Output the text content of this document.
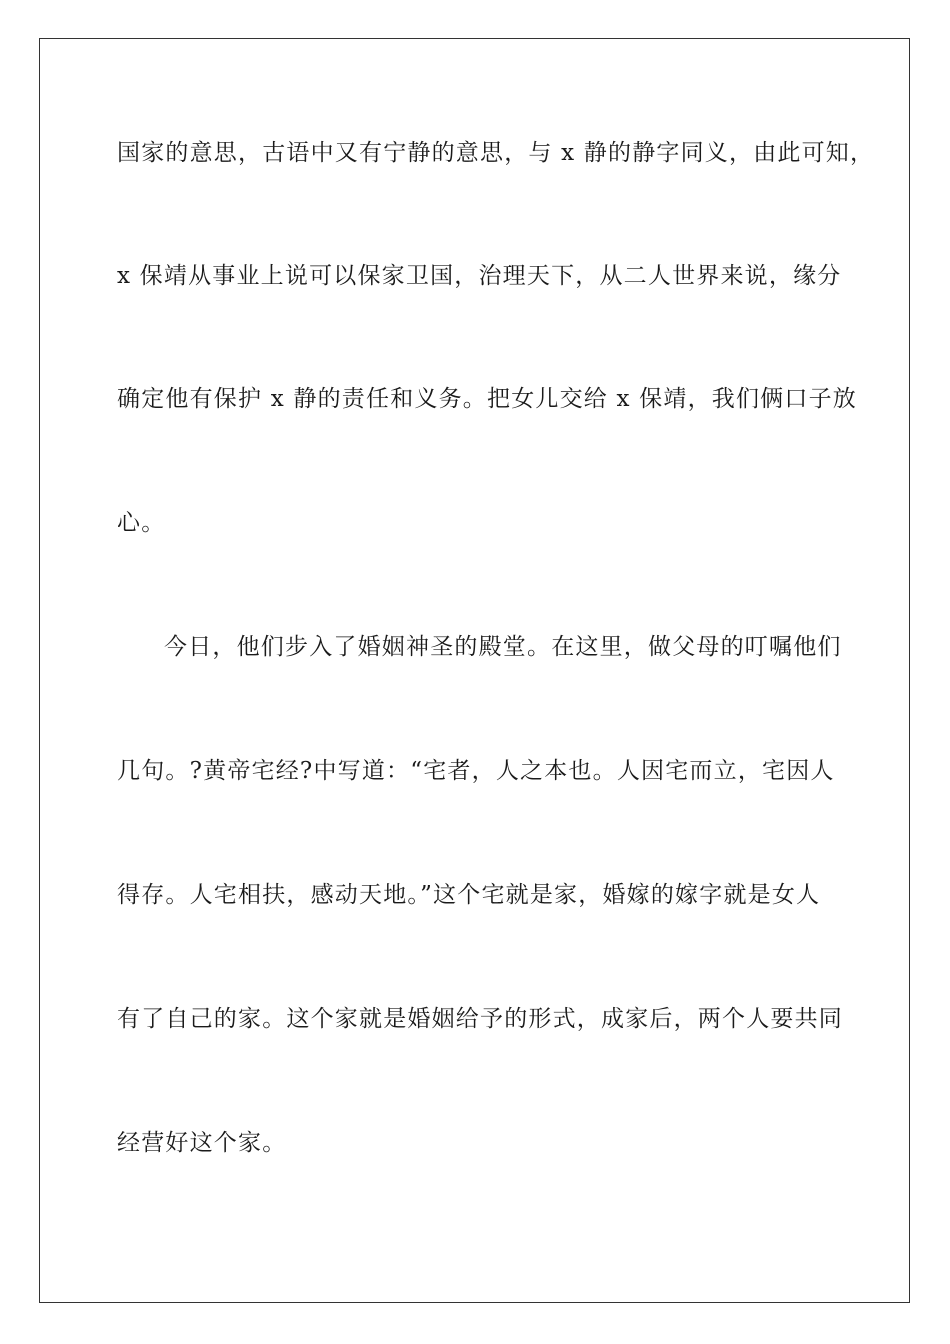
国家的意思，古语中又有宁静的意思，与 x 静的静字同义，由此可知，
x 保靖从事业上说可以保家卫国，治理天下，从二人世界来说，缘分
确定他有保护 x 静的责任和义务。把女儿交给 x 保靖，我们俩口子放
心。
今日，他们步入了婚姻神圣的殿堂。在这里，做父母的叮嘱他们
几句。?黄帝宅经?中写道：“宅者，人之本也。人因宅而立，宅因人
得存。人宅相扶，感动天地。”这个宅就是家，婚嫁的嫁字就是女人
有了自己的家。这个家就是婚姻给予的形式，成家后，两个人要共同
经营好这个家。
